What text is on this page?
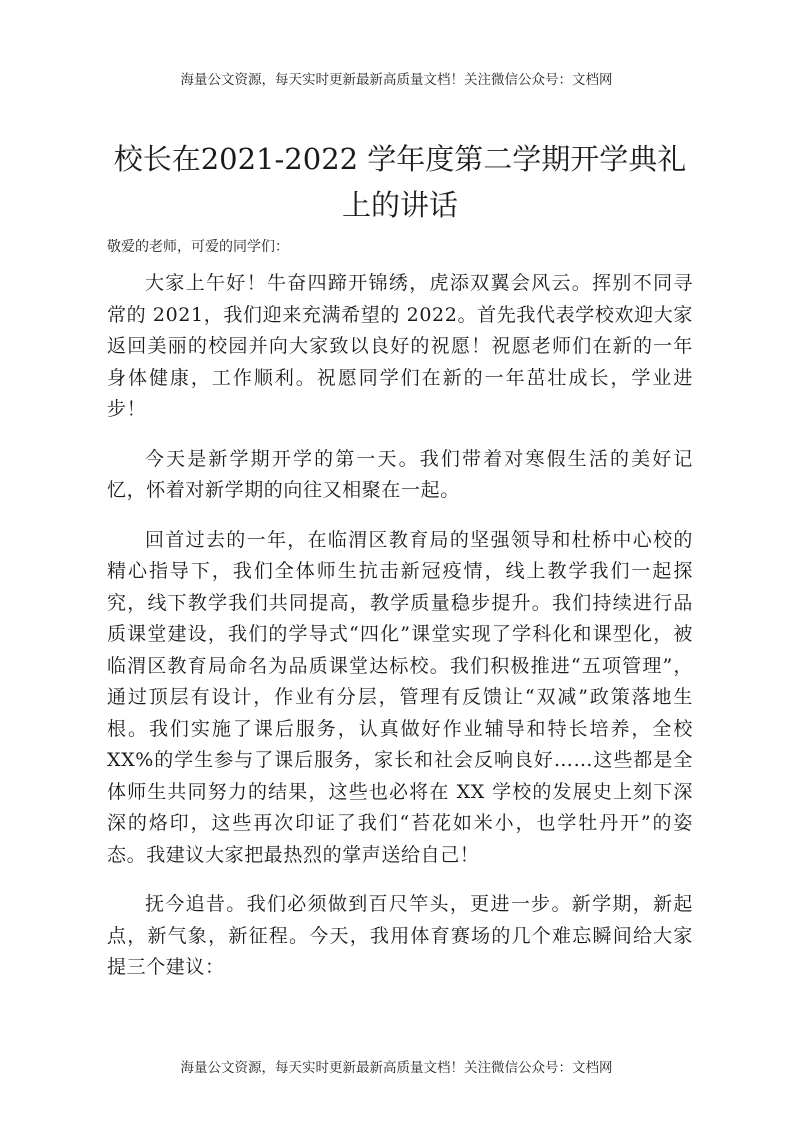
海量公文资源，每天实时更新最新高质量文档！关注微信公众号：文档网
校长在2021-2022 学年度第二学期开学典礼上的讲话
敬爱的老师，可爱的同学们：

大家上午好！牛奋四蹄开锦绣，虎添双翼会风云。挥别不同寻常的 2021，我们迎来充满希望的 2022。首先我代表学校欢迎大家返回美丽的校园并向大家致以良好的祝愿！祝愿老师们在新的一年身体健康，工作顺利。祝愿同学们在新的一年茁壮成长，学业进步！

今天是新学期开学的第一天。我们带着对寒假生活的美好记忆，怀着对新学期的向往又相聚在一起。

回首过去的一年，在临渭区教育局的坚强领导和杜桥中心校的精心指导下，我们全体师生抗击新冠疫情，线上教学我们一起探究，线下教学我们共同提高，教学质量稳步提升。我们持续进行品质课堂建设，我们的学导式“四化”课堂实现了学科化和课型化，被临渭区教育局命名为品质课堂达标校。我们积极推进“五项管理”，通过顶层有设计，作业有分层，管理有反馈让“双减”政策落地生根。我们实施了课后服务，认真做好作业辅导和特长培养，全校 XX%的学生参与了课后服务，家长和社会反响良好……这些都是全体师生共同努力的结果，这些也必将在 XX 学校的发展史上刻下深深的烙印，这些再次印证了我们“苔花如米小，也学牡丹开”的姿态。我建议大家把最热烈的掌声送给自己！

抚今追昔。我们必须做到百尺竿头，更进一步。新学期，新起点，新气象，新征程。今天，我用体育赛场的几个难忘瞬间给大家提三个建议：

海量公文资源，每天实时更新最新高质量文档！关注微信公众号：文档网
